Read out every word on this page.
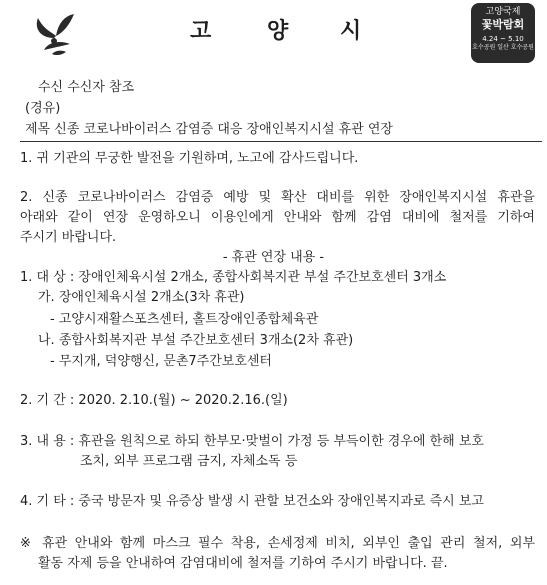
고	양 시
고양국제
꽃박람회
4.24 ~ 5.10
호수공원 일산 호수공원
수신 수신자 참조
(경유)
제목 신종 코로나바이러스 감염증 대응 장애인복지시설 휴관 연장
1. 귀 기관의 무궁한 발전을 기원하며, 노고에 감사드립니다.
2. 신종 코로나바이러스 감염증 예방 및 확산 대비를 위한 장애인복지시설 휴관을
아래와 같이 연장 운영하오니 이용인에게 안내와 함께 감염 대비에 철저를 기하여
주시기 바랍니다.
- 휴관 연장 내용 -
1. 대 상 : 장애인체육시설 2개소, 종합사회복지관 부설 주간보호센터 3개소
가. 장애인체육시설 2개소(3차 휴관)
- 고양시재활스포츠센터, 홀트장애인종합체육관
나. 종합사회복지관 부설 주간보호센터 3개소(2차 휴관)
- 무지개, 덕양행신, 문촌7주간보호센터
2. 기 간 : 2020. 2.10.(월) ~ 2020.2.16.(일)
3. 내 용 : 휴관을 원칙으로 하되 한부모·맞벌이 가정 등 부득이한 경우에 한해 보호
조치, 외부 프로그램 금지, 자체소독 등
4. 기 타 : 중국 방문자 및 유증상 발생 시 관할 보건소와 장애인복지과로 즉시 보고
※ 휴관 안내와 함께 마스크 필수 착용, 손세정제 비치, 외부인 출입 관리 철저, 외부
활동 자제 등을 안내하여 감염대비에 철저를 기하여 주시기 바랍니다. 끝.
